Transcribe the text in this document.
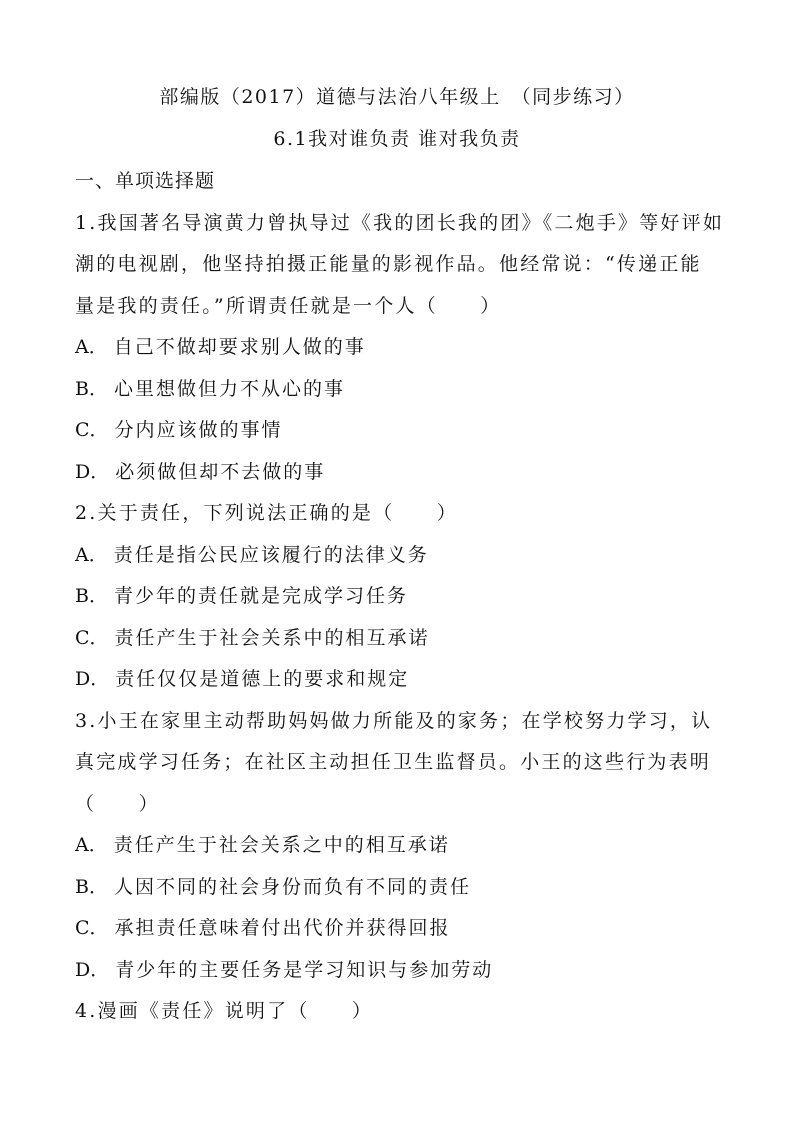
部编版（2017）道德与法治八年级上　（同步练习）
6.1我对谁负责 谁对我负责
一、单项选择题
1.我国著名导演黄力曾执导过《我的团长我的团》《二炮手》等好评如
潮的电视剧，他坚持拍摄正能量的影视作品。他经常说：“传递正能
量是我的责任。”所谓责任就是一个人（　　）
A． 自己不做却要求别人做的事
B． 心里想做但力不从心的事
C． 分内应该做的事情
D． 必须做但却不去做的事
2.关于责任，下列说法正确的是（　　）
A． 责任是指公民应该履行的法律义务
B． 青少年的责任就是完成学习任务
C． 责任产生于社会关系中的相互承诺
D． 责任仅仅是道德上的要求和规定
3.小王在家里主动帮助妈妈做力所能及的家务；在学校努力学习，认
真完成学习任务；在社区主动担任卫生监督员。小王的这些行为表明
（　　）
A． 责任产生于社会关系之中的相互承诺
B． 人因不同的社会身份而负有不同的责任
C． 承担责任意味着付出代价并获得回报
D． 青少年的主要任务是学习知识与参加劳动
4.漫画《责任》说明了（　　）
